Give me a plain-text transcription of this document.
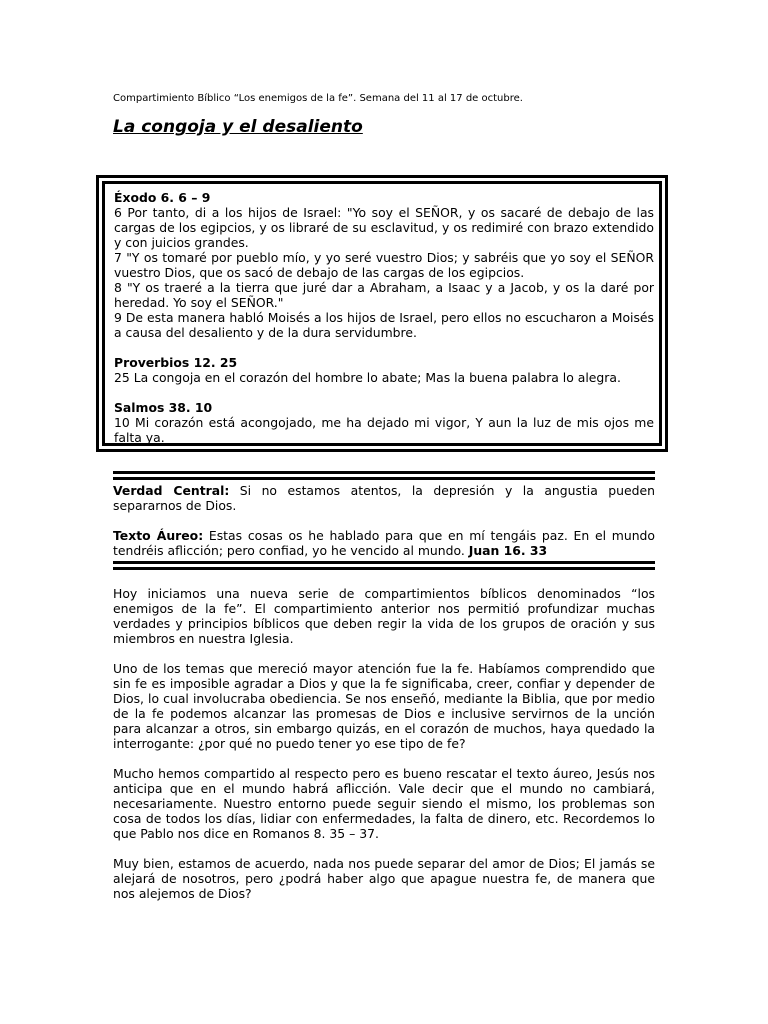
Compartimiento Bíblico “Los enemigos de la fe”. Semana del 11 al 17 de octubre.
La congoja y el desaliento
Éxodo 6. 6 – 9
6 Por tanto, di a los hijos de Israel: "Yo soy el SEÑOR, y os sacaré de debajo de las cargas de los egipcios, y os libraré de su esclavitud, y os redimiré con brazo extendido y con juicios grandes.
7 "Y os tomaré por pueblo mío, y yo seré vuestro Dios; y sabréis que yo soy el SEÑOR vuestro Dios, que os sacó de debajo de las cargas de los egipcios.
8 "Y os traeré a la tierra que juré dar a Abraham, a Isaac y a Jacob, y os la daré por heredad. Yo soy el SEÑOR."
9 De esta manera habló Moisés a los hijos de Israel, pero ellos no escucharon a Moisés a causa del desaliento y de la dura servidumbre.
Proverbios 12. 25
25 La congoja en el corazón del hombre lo abate; Mas la buena palabra lo alegra.
Salmos 38. 10
10 Mi corazón está acongojado, me ha dejado mi vigor, Y aun la luz de mis ojos me falta ya.
Verdad Central: Si no estamos atentos, la depresión y la angustia pueden separarnos de Dios.
Texto Áureo: Estas cosas os he hablado para que en mí tengáis paz. En el mundo tendréis aflicción; pero confiad, yo he vencido al mundo. Juan 16. 33

Hoy iniciamos una nueva serie de compartimientos bíblicos denominados “los enemigos de la fe”. El compartimiento anterior nos permitió profundizar muchas verdades y principios bíblicos que deben regir la vida de los grupos de oración y sus miembros en nuestra Iglesia.

Uno de los temas que mereció mayor atención fue la fe. Habíamos comprendido que sin fe es imposible agradar a Dios y que la fe significaba, creer, confiar y depender de Dios, lo cual involucraba obediencia. Se nos enseñó, mediante la Biblia, que por medio de la fe podemos alcanzar las promesas de Dios e inclusive servirnos de la unción para alcanzar a otros, sin embargo quizás, en el corazón de muchos, haya quedado la interrogante: ¿por qué no puedo tener yo ese tipo de fe?

Mucho hemos compartido al respecto pero es bueno rescatar el texto áureo, Jesús nos anticipa que en el mundo habrá aflicción. Vale decir que el mundo no cambiará, necesariamente. Nuestro entorno puede seguir siendo el mismo, los problemas son cosa de todos los días, lidiar con enfermedades, la falta de dinero, etc. Recordemos lo que Pablo nos dice en Romanos 8. 35 – 37.

Muy bien, estamos de acuerdo, nada nos puede separar del amor de Dios; El jamás se alejará de nosotros, pero ¿podrá haber algo que apague nuestra fe, de manera que nos alejemos de Dios?
